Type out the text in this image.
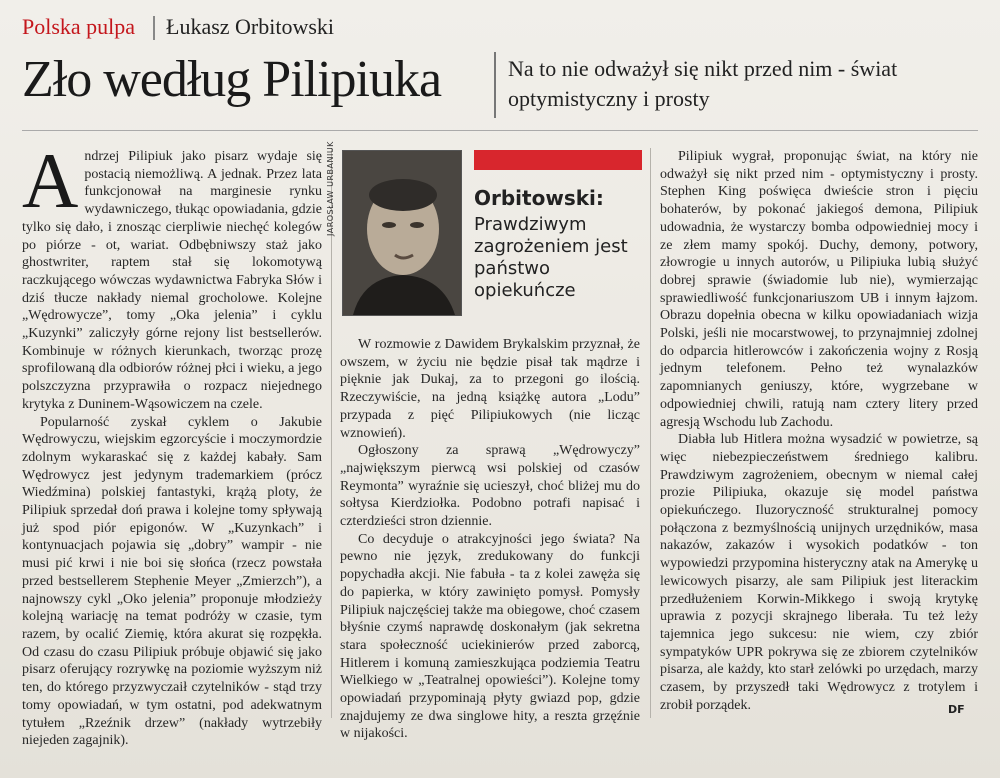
Polska pulpa Łukasz Orbitowski
Zło według Pilipiuka	Na to nie odważył się nikt przed nim - świat optymistyczny i prosty

Andrzej Pilipiuk jako pisarz wydaje się postacią niemożliwą. A jednak. Przez lata funkcjonował na marginesie rynku wydawniczego, tłukąc opowiadania, gdzie tylko się dało, i znosząc cierpliwie niechęć kolegów po piórze - ot, wariat. Odbębniwszy staż jako ghostwriter, raptem stał się lokomotywą raczkującego wówczas wydawnictwa Fabryka Słów i dziś tłucze nakłady niemal grocholowe. Kolejne „Wędrowycze”, tomy „Oka jelenia” i cyklu „Kuzynki” zaliczyły górne rejony list bestsellerów. Kombinuje w różnych kierunkach, tworząc prozę sprofilowaną dla odbiorów różnej płci i wieku, a jego polszczyzna przyprawiła o rozpacz niejednego krytyka z Duninem-Wąsowiczem na czele.

Popularność zyskał cyklem o Jakubie Wędrowyczu, wiejskim egzorcyście i moczymordzie zdolnym wykaraskać się z każdej kabały. Sam Wędrowycz jest jedynym trademarkiem (prócz Wiedźmina) polskiej fantastyki, krążą ploty, że Pilipiuk sprzedał doń prawa i kolejne tomy spływają już spod piór epigonów. W „Kuzynkach” i kontynuacjach pojawia się „dobry” wampir - nie musi pić krwi i nie boi się słońca (rzecz powstała przed bestsellerem Stephenie Meyer „Zmierzch”), a najnowszy cykl „Oko jelenia” proponuje młodzieży kolejną wariację na temat podróży w czasie, tym razem, by ocalić Ziemię, która akurat się rozpękła. Od czasu do czasu Pilipiuk próbuje objawić się jako pisarz oferujący rozrywkę na poziomie wyższym niż ten, do którego przyzwyczaił czytelników - stąd trzy tomy opowiadań, w tym ostatni, pod adekwatnym tytułem „Rzeźnik drzew” (nakłady wytrzebiły niejeden zagajnik).

JAROSŁAW URBANIUK	Orbitowski:
Prawdziwym zagrożeniem jest państwo opiekuńcze

W rozmowie z Dawidem Brykalskim przyznał, że owszem, w życiu nie będzie pisał tak mądrze i pięknie jak Dukaj, za to przegoni go ilością. Rzeczywiście, na jedną książkę autora „Lodu” przypada z pięć Pilipiukowych (nie licząc wznowień).

Ogłoszony za sprawą „Wędrowyczy” „największym pierwcą wsi polskiej od czasów Reymonta” wyraźnie się ucieszył, choć bliżej mu do sołtysa Kierdziołka. Podobno potrafi napisać i czterdzieści stron dziennie.

Co decyduje o atrakcyjności jego świata? Na pewno nie język, zredukowany do funkcji popychadła akcji. Nie fabuła - ta z kolei zawęża się do papierka, w który zawinięto pomysł. Pomysły Pilipiuk najczęściej także ma obiegowe, choć czasem błyśnie czymś naprawdę doskonałym (jak sekretna stara społeczność uciekinierów przed zaborcą, Hitlerem i komuną zamieszkująca podziemia Teatru Wielkiego w „Teatralnej opowieści”). Kolejne tomy opowiadań przypominają płyty gwiazd pop, gdzie znajdujemy ze dwa singlowe hity, a reszta grzęźnie w nijakości.

Pilipiuk wygrał, proponując świat, na który nie odważył się nikt przed nim - optymistyczny i prosty. Stephen King poświęca dwieście stron i pięciu bohaterów, by pokonać jakiegoś demona, Pilipiuk udowadnia, że wystarczy bomba odpowiedniej mocy i ze złem mamy spokój. Duchy, demony, potwory, złowrogie u innych autorów, u Pilipiuka lubią służyć dobrej sprawie (świadomie lub nie), wymierzając sprawiedliwość funkcjonariuszom UB i innym łajzom. Obrazu dopełnia obecna w kilku opowiadaniach wizja Polski, jeśli nie mocarstwowej, to przynajmniej zdolnej do odparcia hitlerowców i zakończenia wojny z Rosją jednym telefonem. Pełno też wynalazków zapomnianych geniuszy, które, wygrzebane w odpowiedniej chwili, ratują nam cztery litery przed agresją Wschodu lub Zachodu.

Diabła lub Hitlera można wysadzić w powietrze, są więc niebezpieczeństwem średniego kalibru. Prawdziwym zagrożeniem, obecnym w niemal całej prozie Pilipiuka, okazuje się model państwa opiekuńczego. Iluzoryczność strukturalnej pomocy połączona z bezmyślnością unijnych urzędników, masa nakazów, zakazów i wysokich podatków - ton wypowiedzi przypomina histeryczny atak na Amerykę u lewicowych pisarzy, ale sam Pilipiuk jest literackim przedłużeniem Korwin-Mikkego i swoją krytykę uprawia z pozycji skrajnego liberała. Tu też leży tajemnica jego sukcesu: nie wiem, czy zbiór sympatyków UPR pokrywa się ze zbiorem czytelników pisarza, ale każdy, kto starł zelówki po urzędach, marzy czasem, by przyszedł taki Wędrowycz z trotylem i zrobił porządek.	DF
